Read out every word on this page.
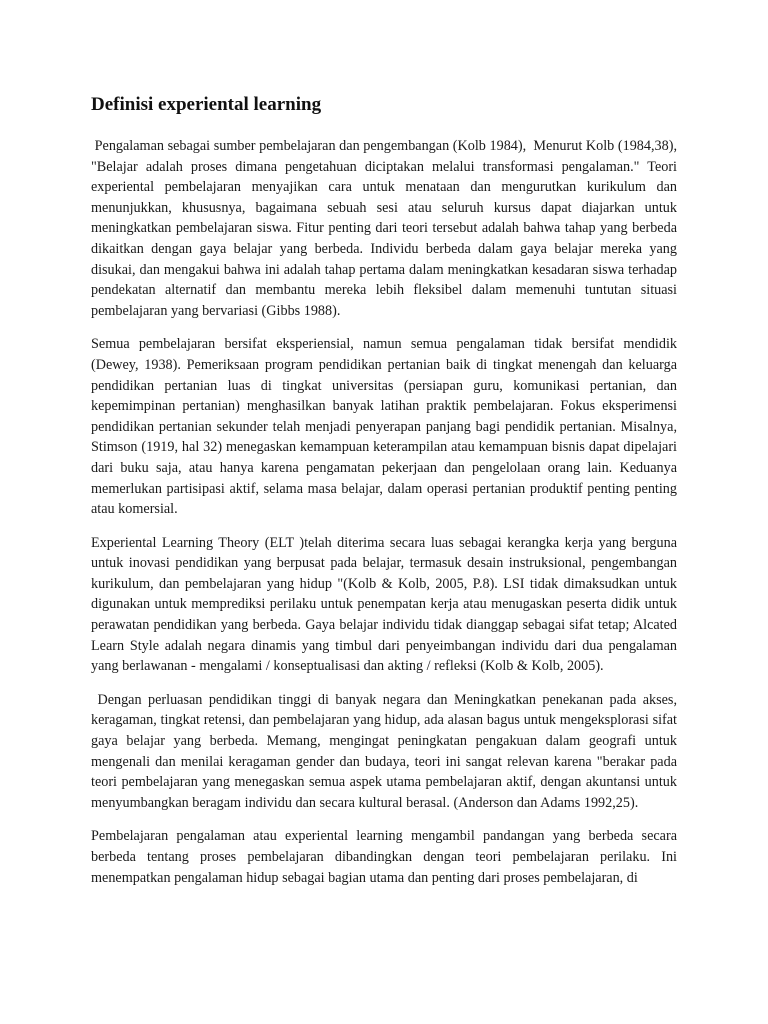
Definisi experiental learning

Pengalaman sebagai sumber pembelajaran dan pengembangan (Kolb 1984),  Menurut Kolb (1984,38), "Belajar adalah proses dimana pengetahuan diciptakan melalui transformasi pengalaman." Teori experiental pembelajaran menyajikan cara untuk menataan dan mengurutkan kurikulum dan menunjukkan, khususnya, bagaimana sebuah sesi atau seluruh kursus dapat diajarkan untuk meningkatkan pembelajaran siswa. Fitur penting dari teori tersebut adalah bahwa tahap yang berbeda dikaitkan dengan gaya belajar yang berbeda. Individu berbeda dalam gaya belajar mereka yang disukai, dan mengakui bahwa ini adalah tahap pertama dalam meningkatkan kesadaran siswa terhadap pendekatan alternatif dan membantu mereka lebih fleksibel dalam memenuhi tuntutan situasi pembelajaran yang bervariasi (Gibbs 1988).

Semua pembelajaran bersifat eksperiensial, namun semua pengalaman tidak bersifat mendidik (Dewey, 1938). Pemeriksaan program pendidikan pertanian baik di tingkat menengah dan keluarga pendidikan pertanian luas di tingkat universitas (persiapan guru, komunikasi pertanian, dan kepemimpinan pertanian) menghasilkan banyak latihan praktik pembelajaran. Fokus eksperimensi pendidikan pertanian sekunder telah menjadi penyerapan panjang bagi pendidik pertanian. Misalnya, Stimson (1919, hal 32) menegaskan kemampuan keterampilan atau kemampuan bisnis dapat dipelajari dari buku saja, atau hanya karena pengamatan pekerjaan dan pengelolaan orang lain. Keduanya memerlukan partisipasi aktif, selama masa belajar, dalam operasi pertanian produktif penting penting atau komersial.

Experiental Learning Theory (ELT )telah diterima secara luas sebagai kerangka kerja yang berguna untuk inovasi pendidikan yang berpusat pada belajar, termasuk desain instruksional, pengembangan kurikulum, dan pembelajaran yang hidup "(Kolb & Kolb, 2005, P.8). LSI tidak dimaksudkan untuk digunakan untuk memprediksi perilaku untuk penempatan kerja atau menugaskan peserta didik untuk perawatan pendidikan yang berbeda. Gaya belajar individu tidak dianggap sebagai sifat tetap; Alcated Learn Style adalah negara dinamis yang timbul dari penyeimbangan individu dari dua pengalaman yang berlawanan - mengalami / konseptualisasi dan akting / refleksi (Kolb & Kolb, 2005).

Dengan perluasan pendidikan tinggi di banyak negara dan Meningkatkan penekanan pada akses, keragaman, tingkat retensi, dan pembelajaran yang hidup, ada alasan bagus untuk mengeksplorasi sifat gaya belajar yang berbeda. Memang, mengingat peningkatan pengakuan dalam geografi untuk mengenali dan menilai keragaman gender dan budaya, teori ini sangat relevan karena "berakar pada teori pembelajaran yang menegaskan semua aspek utama pembelajaran aktif, dengan akuntansi untuk menyumbangkan beragam individu dan secara kultural berasal. (Anderson dan Adams 1992,25).

Pembelajaran pengalaman atau experiental learning mengambil pandangan yang berbeda secara berbeda tentang proses pembelajaran dibandingkan dengan teori pembelajaran perilaku. Ini menempatkan pengalaman hidup sebagai bagian utama dan penting dari proses pembelajaran, di
